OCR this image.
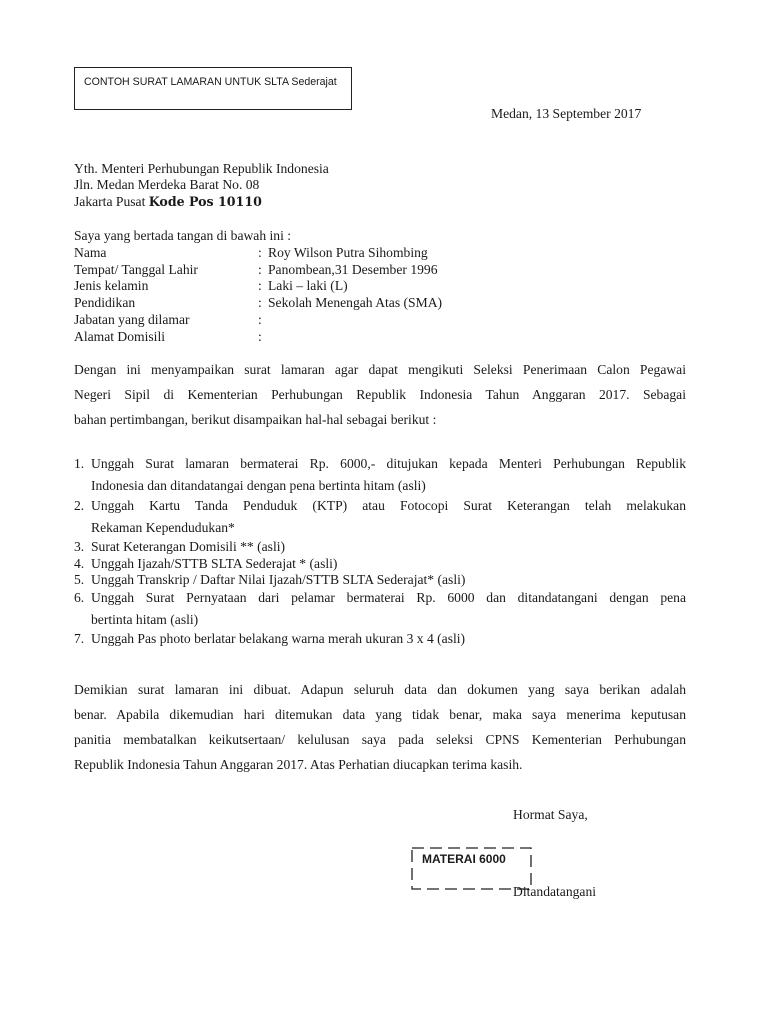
CONTOH SURAT LAMARAN UNTUK SLTA Sederajat
Medan, 13 September 2017
Yth. Menteri Perhubungan Republik Indonesia
Jln. Medan Merdeka Barat No. 08
Jakarta Pusat Kode Pos 10110
Saya yang bertada tangan di bawah ini :
Nama	: Roy Wilson Putra Sihombing
Tempat/ Tanggal Lahir	: Panombean,31 Desember 1996
Jenis kelamin	: Laki – laki (L)
Pendidikan	: Sekolah Menengah Atas (SMA)
Jabatan yang dilamar	:
Alamat Domisili	:
Dengan ini menyampaikan surat lamaran agar dapat mengikuti Seleksi Penerimaan Calon Pegawai
Negeri Sipil di Kementerian Perhubungan Republik Indonesia Tahun Anggaran 2017. Sebagai
bahan pertimbangan, berikut disampaikan hal-hal sebagai berikut :
1. Unggah Surat lamaran bermaterai Rp. 6000,- ditujukan kepada Menteri Perhubungan Republik
Indonesia dan ditandatangai dengan pena bertinta hitam (asli)
2. Unggah Kartu Tanda Penduduk (KTP) atau Fotocopi Surat Keterangan telah melakukan
Rekaman Kependudukan*
3. Surat Keterangan Domisili ** (asli)
4. Unggah Ijazah/STTB SLTA Sederajat * (asli)
5. Unggah Transkrip / Daftar Nilai Ijazah/STTB SLTA Sederajat* (asli)
6. Unggah Surat Pernyataan dari pelamar bermaterai Rp. 6000 dan ditandatangani dengan pena
bertinta hitam (asli)
7. Unggah Pas photo berlatar belakang warna merah ukuran 3 x 4 (asli)
Demikian surat lamaran ini dibuat. Adapun seluruh data dan dokumen yang saya berikan adalah
benar. Apabila dikemudian hari ditemukan data yang tidak benar, maka saya menerima keputusan
panitia membatalkan keikutsertaan/ kelulusan saya pada seleksi CPNS Kementerian Perhubungan
Republik Indonesia Tahun Anggaran 2017. Atas Perhatian diucapkan terima kasih.
Hormat Saya,
MATERAI 6000
Ditandatangani
